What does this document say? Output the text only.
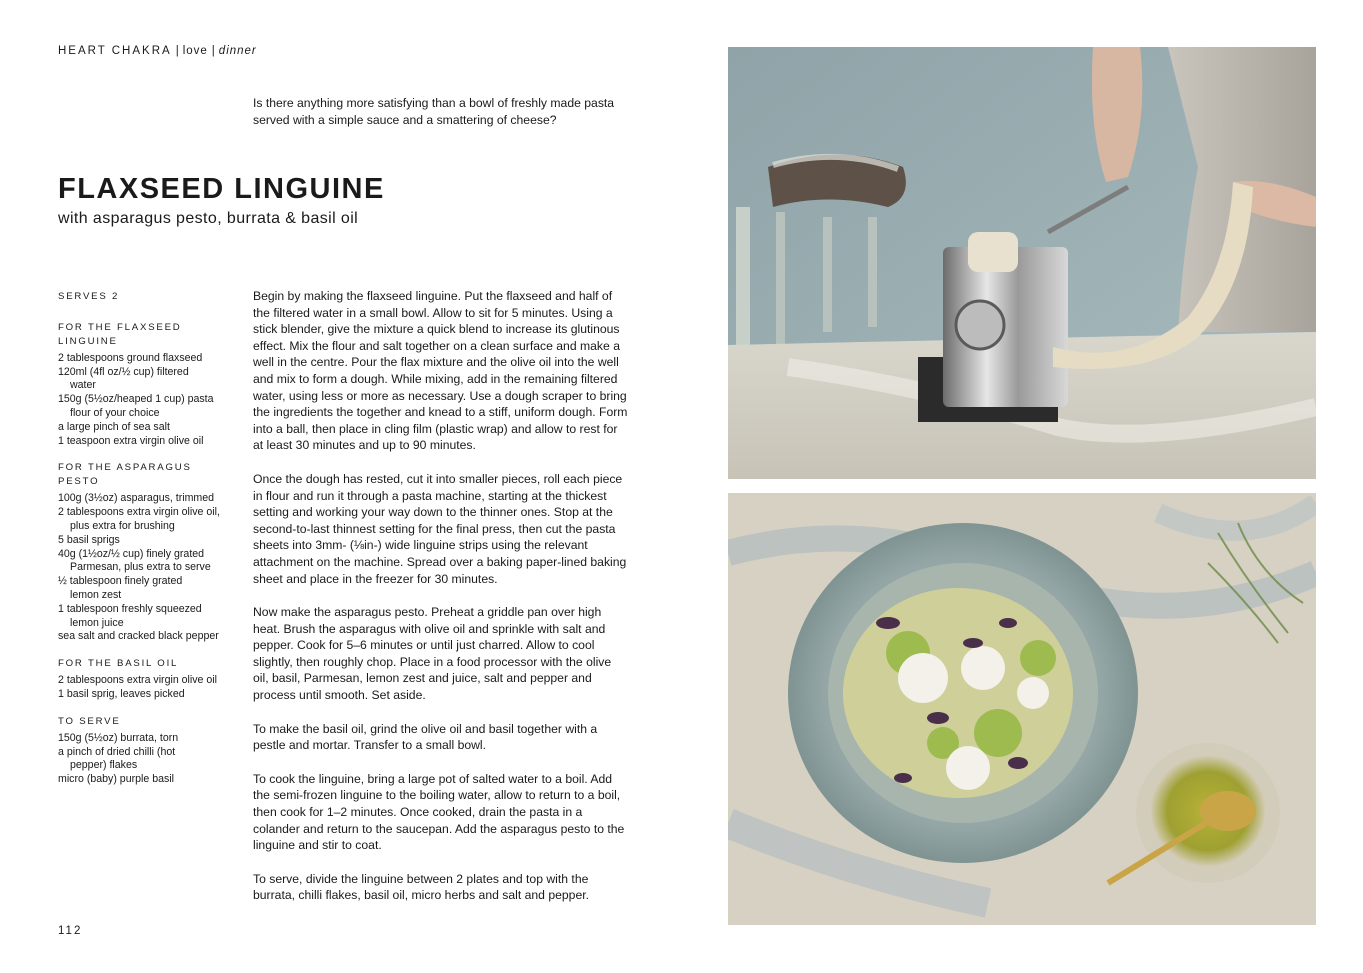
HEART CHAKRA | love | dinner
Is there anything more satisfying than a bowl of freshly made pasta served with a simple sauce and a smattering of cheese?
FLAXSEED LINGUINE
with asparagus pesto, burrata & basil oil
SERVES 2
FOR THE FLAXSEED LINGUINE
2 tablespoons ground flaxseed
120ml (4fl oz/½ cup) filtered water
150g (5½oz/heaped 1 cup) pasta flour of your choice
a large pinch of sea salt
1 teaspoon extra virgin olive oil
FOR THE ASPARAGUS PESTO
100g (3½oz) asparagus, trimmed
2 tablespoons extra virgin olive oil, plus extra for brushing
5 basil sprigs
40g (1½oz/½ cup) finely grated Parmesan, plus extra to serve
½ tablespoon finely grated lemon zest
1 tablespoon freshly squeezed lemon juice
sea salt and cracked black pepper
FOR THE BASIL OIL
2 tablespoons extra virgin olive oil
1 basil sprig, leaves picked
TO SERVE
150g (5½oz) burrata, torn
a pinch of dried chilli (hot pepper) flakes
micro (baby) purple basil

Begin by making the flaxseed linguine. Put the flaxseed and half of the filtered water in a small bowl. Allow to sit for 5 minutes. Using a stick blender, give the mixture a quick blend to increase its glutinous effect. Mix the flour and salt together on a clean surface and make a well in the centre. Pour the flax mixture and the olive oil into the well and mix to form a dough. While mixing, add in the remaining filtered water, using less or more as necessary. Use a dough scraper to bring the ingredients the together and knead to a stiff, uniform dough. Form into a ball, then place in cling film (plastic wrap) and allow to rest for at least 30 minutes and up to 90 minutes.

Once the dough has rested, cut it into smaller pieces, roll each piece in flour and run it through a pasta machine, starting at the thickest setting and working your way down to the thinner ones. Stop at the second-to-last thinnest setting for the final press, then cut the pasta sheets into 3mm- (⅛in-) wide linguine strips using the relevant attachment on the machine. Spread over a baking paper-lined baking sheet and place in the freezer for 30 minutes.

Now make the asparagus pesto. Preheat a griddle pan over high heat. Brush the asparagus with olive oil and sprinkle with salt and pepper. Cook for 5–6 minutes or until just charred. Allow to cool slightly, then roughly chop. Place in a food processor with the olive oil, basil, Parmesan, lemon zest and juice, salt and pepper and process until smooth. Set aside.

To make the basil oil, grind the olive oil and basil together with a pestle and mortar. Transfer to a small bowl.

To cook the linguine, bring a large pot of salted water to a boil. Add the semi-frozen linguine to the boiling water, allow to return to a boil, then cook for 1–2 minutes. Once cooked, drain the pasta in a colander and return to the saucepan. Add the asparagus pesto to the linguine and stir to coat.

To serve, divide the linguine between 2 plates and top with the burrata, chilli flakes, basil oil, micro herbs and salt and pepper.

112
